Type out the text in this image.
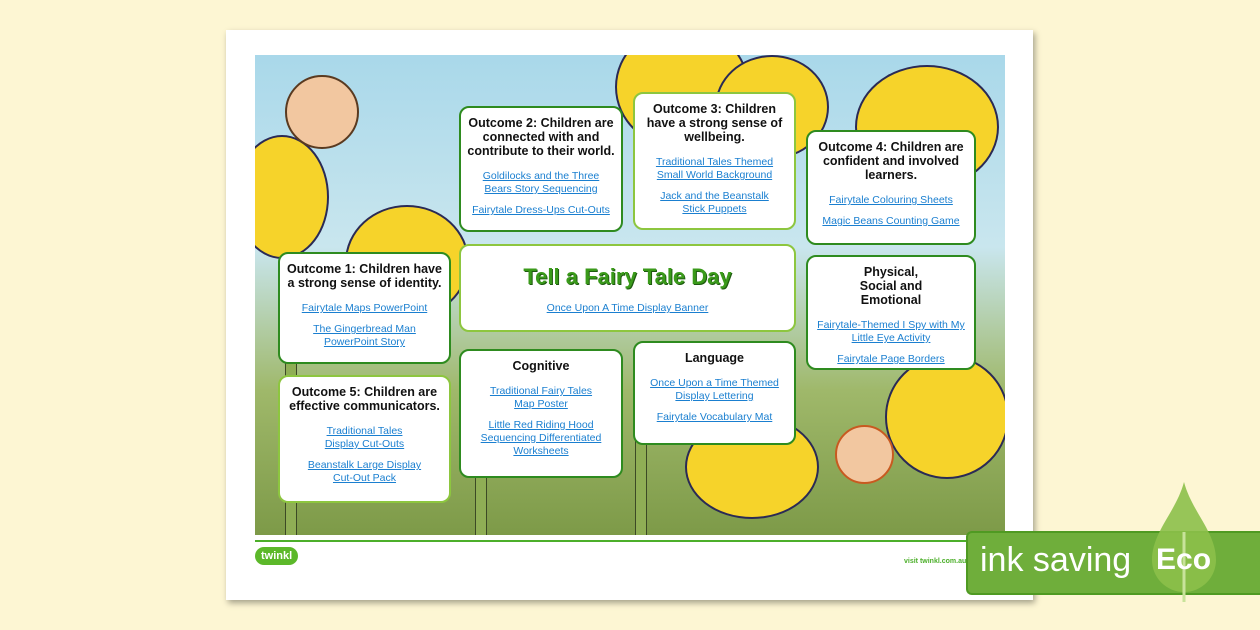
Outcome 2: Children are connected with and contribute to their world.
Goldilocks and the Three Bears Story Sequencing
Fairytale Dress-Ups Cut-Outs
Outcome 3: Children have a strong sense of wellbeing.
Traditional Tales Themed Small World Background
Jack and the Beanstalk Stick Puppets
Outcome 4: Children are confident and involved learners.
Fairytale Colouring Sheets
Magic Beans Counting Game
Tell a Fairy Tale Day
Once Upon A Time Display Banner
Outcome 1: Children have a strong sense of identity.
Fairytale Maps PowerPoint
The Gingerbread Man PowerPoint Story
Physical, Social and Emotional
Fairytale-Themed I Spy with My Little Eye Activity
Fairytale Page Borders
Cognitive
Traditional Fairy Tales Map Poster
Little Red Riding Hood Sequencing Differentiated Worksheets
Language
Once Upon a Time Themed Display Lettering
Fairytale Vocabulary Mat
Outcome 5: Children are effective communicators.
Traditional Tales Display Cut-Outs
Beanstalk Large Display Cut-Out Pack
twinkl	visit twinkl.com.au ink saving Eco
